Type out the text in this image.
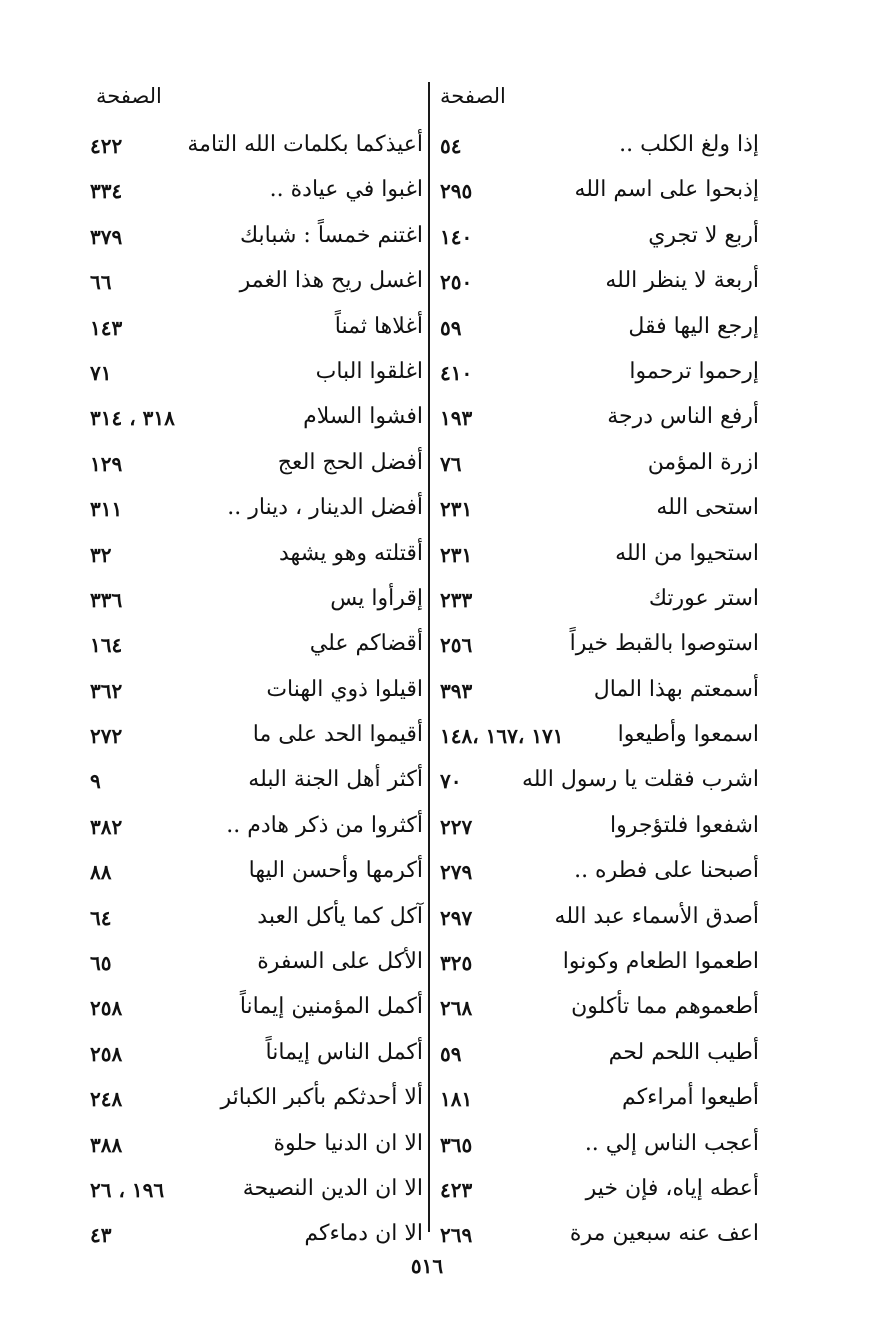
الصفحة
الصفحة
إذا ولغ الكلب ..
٥٤
إذبحوا على اسم الله
٢٩٥
أربع لا تجري
١٤٠
أربعة لا ينظر الله
٢٥٠
إرجع اليها فقل
٥٩
إرحموا ترحموا
٤١٠
أرفع الناس درجة
١٩٣
ازرة المؤمن
٧٦
استحى الله
٢٣١
استحيوا من الله
٢٣١
استر عورتك
٢٣٣
استوصوا بالقبط خيراً
٢٥٦
أسمعتم بهذا المال
٣٩٣
اسمعوا وأطيعوا
١٧١ ،١٦٧ ،١٤٨
اشرب فقلت يا رسول الله
٧٠
اشفعوا فلتؤجروا
٢٢٧
أصبحنا على فطره ..
٢٧٩
أصدق الأسماء عبد الله
٢٩٧
اطعموا الطعام وكونوا
٣٢٥
أطعموهم مما تأكلون
٢٦٨
أطيب اللحم لحم
٥٩
أطيعوا أمراءكم
١٨١
أعجب الناس إلي ..
٣٦٥
أعطه إياه، فإن خير
٤٢٣
اعف عنه سبعين مرة
٢٦٩
أعيذكما بكلمات الله التامة
٤٢٢
اغبوا في عيادة ..
٣٣٤
اغتنم خمساً : شبابك
٣٧٩
اغسل ريح هذا الغمر
٦٦
أغلاها ثمناً
١٤٣
اغلقوا الباب
٧١
افشوا السلام
٣١٨ ، ٣١٤
أفضل الحج العج
١٢٩
أفضل الدينار ، دينار ..
٣١١
أقتلته وهو يشهد
٣٢
إقرأوا يس
٣٣٦
أقضاكم علي
١٦٤
اقيلوا ذوي الهنات
٣٦٢
أقيموا الحد على ما
٢٧٢
أكثر أهل الجنة البله
٩
أكثروا من ذكر هادم ..
٣٨٢
أكرمها وأحسن اليها
٨٨
آكل كما يأكل العبد
٦٤
الأكل على السفرة
٦٥
أكمل المؤمنين إيماناً
٢٥٨
أكمل الناس إيماناً
٢٥٨
ألا أحدثكم بأكبر الكبائر
٢٤٨
الا ان الدنيا حلوة
٣٨٨
الا ان الدين النصيحة
١٩٦ ، ٢٦
الا ان دماءكم
٤٣
٥١٦
